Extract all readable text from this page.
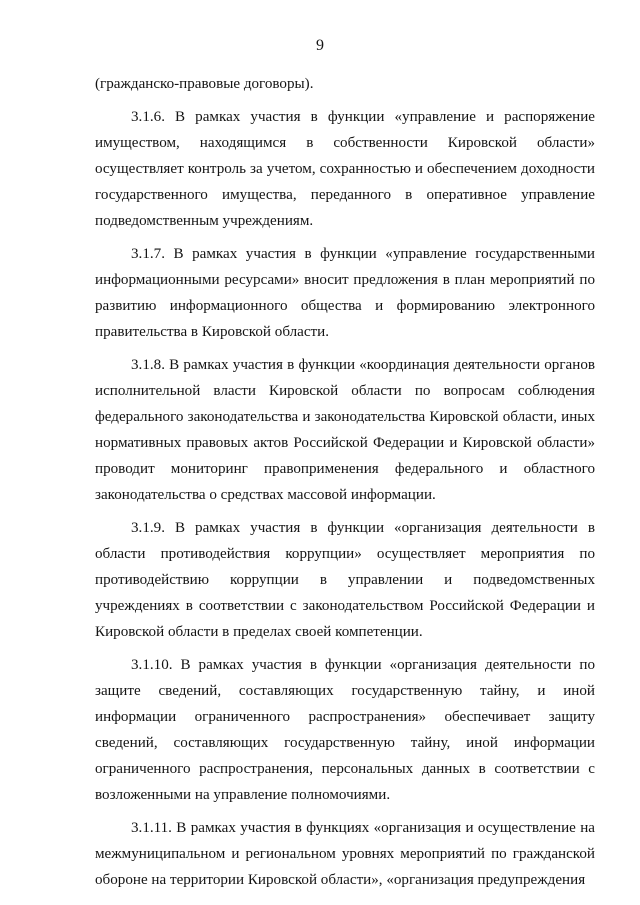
9

(гражданско-правовые договоры).

3.1.6. В рамках участия в функции «управление и распоряжение имуществом, находящимся в собственности Кировской области» осуществляет контроль за учетом, сохранностью и обеспечением доходности государственного имущества, переданного в оперативное управление подведомственным учреждениям.

3.1.7. В рамках участия в функции «управление государственными информационными ресурсами» вносит предложения в план мероприятий по развитию информационного общества и формированию электронного правительства в Кировской области.

3.1.8. В рамках участия в функции «координация деятельности органов исполнительной власти Кировской области по вопросам соблюдения федерального законодательства и законодательства Кировской области, иных нормативных правовых актов Российской Федерации и Кировской области» проводит мониторинг правоприменения федерального и областного законодательства о средствах массовой информации.

3.1.9. В рамках участия в функции «организация деятельности в области противодействия коррупции» осуществляет мероприятия по противодействию коррупции в управлении и подведомственных учреждениях в соответствии с законодательством Российской Федерации и Кировской области в пределах своей компетенции.

3.1.10. В рамках участия в функции «организация деятельности по защите сведений, составляющих государственную тайну, и иной информации ограниченного распространения» обеспечивает защиту сведений, составляющих государственную тайну, иной информации ограниченного распространения, персональных данных в соответствии с возложенными на управление полномочиями.

3.1.11. В рамках участия в функциях «организация и осуществление на межмуниципальном и региональном уровнях мероприятий по гражданской обороне на территории Кировской области», «организация предупреждения
